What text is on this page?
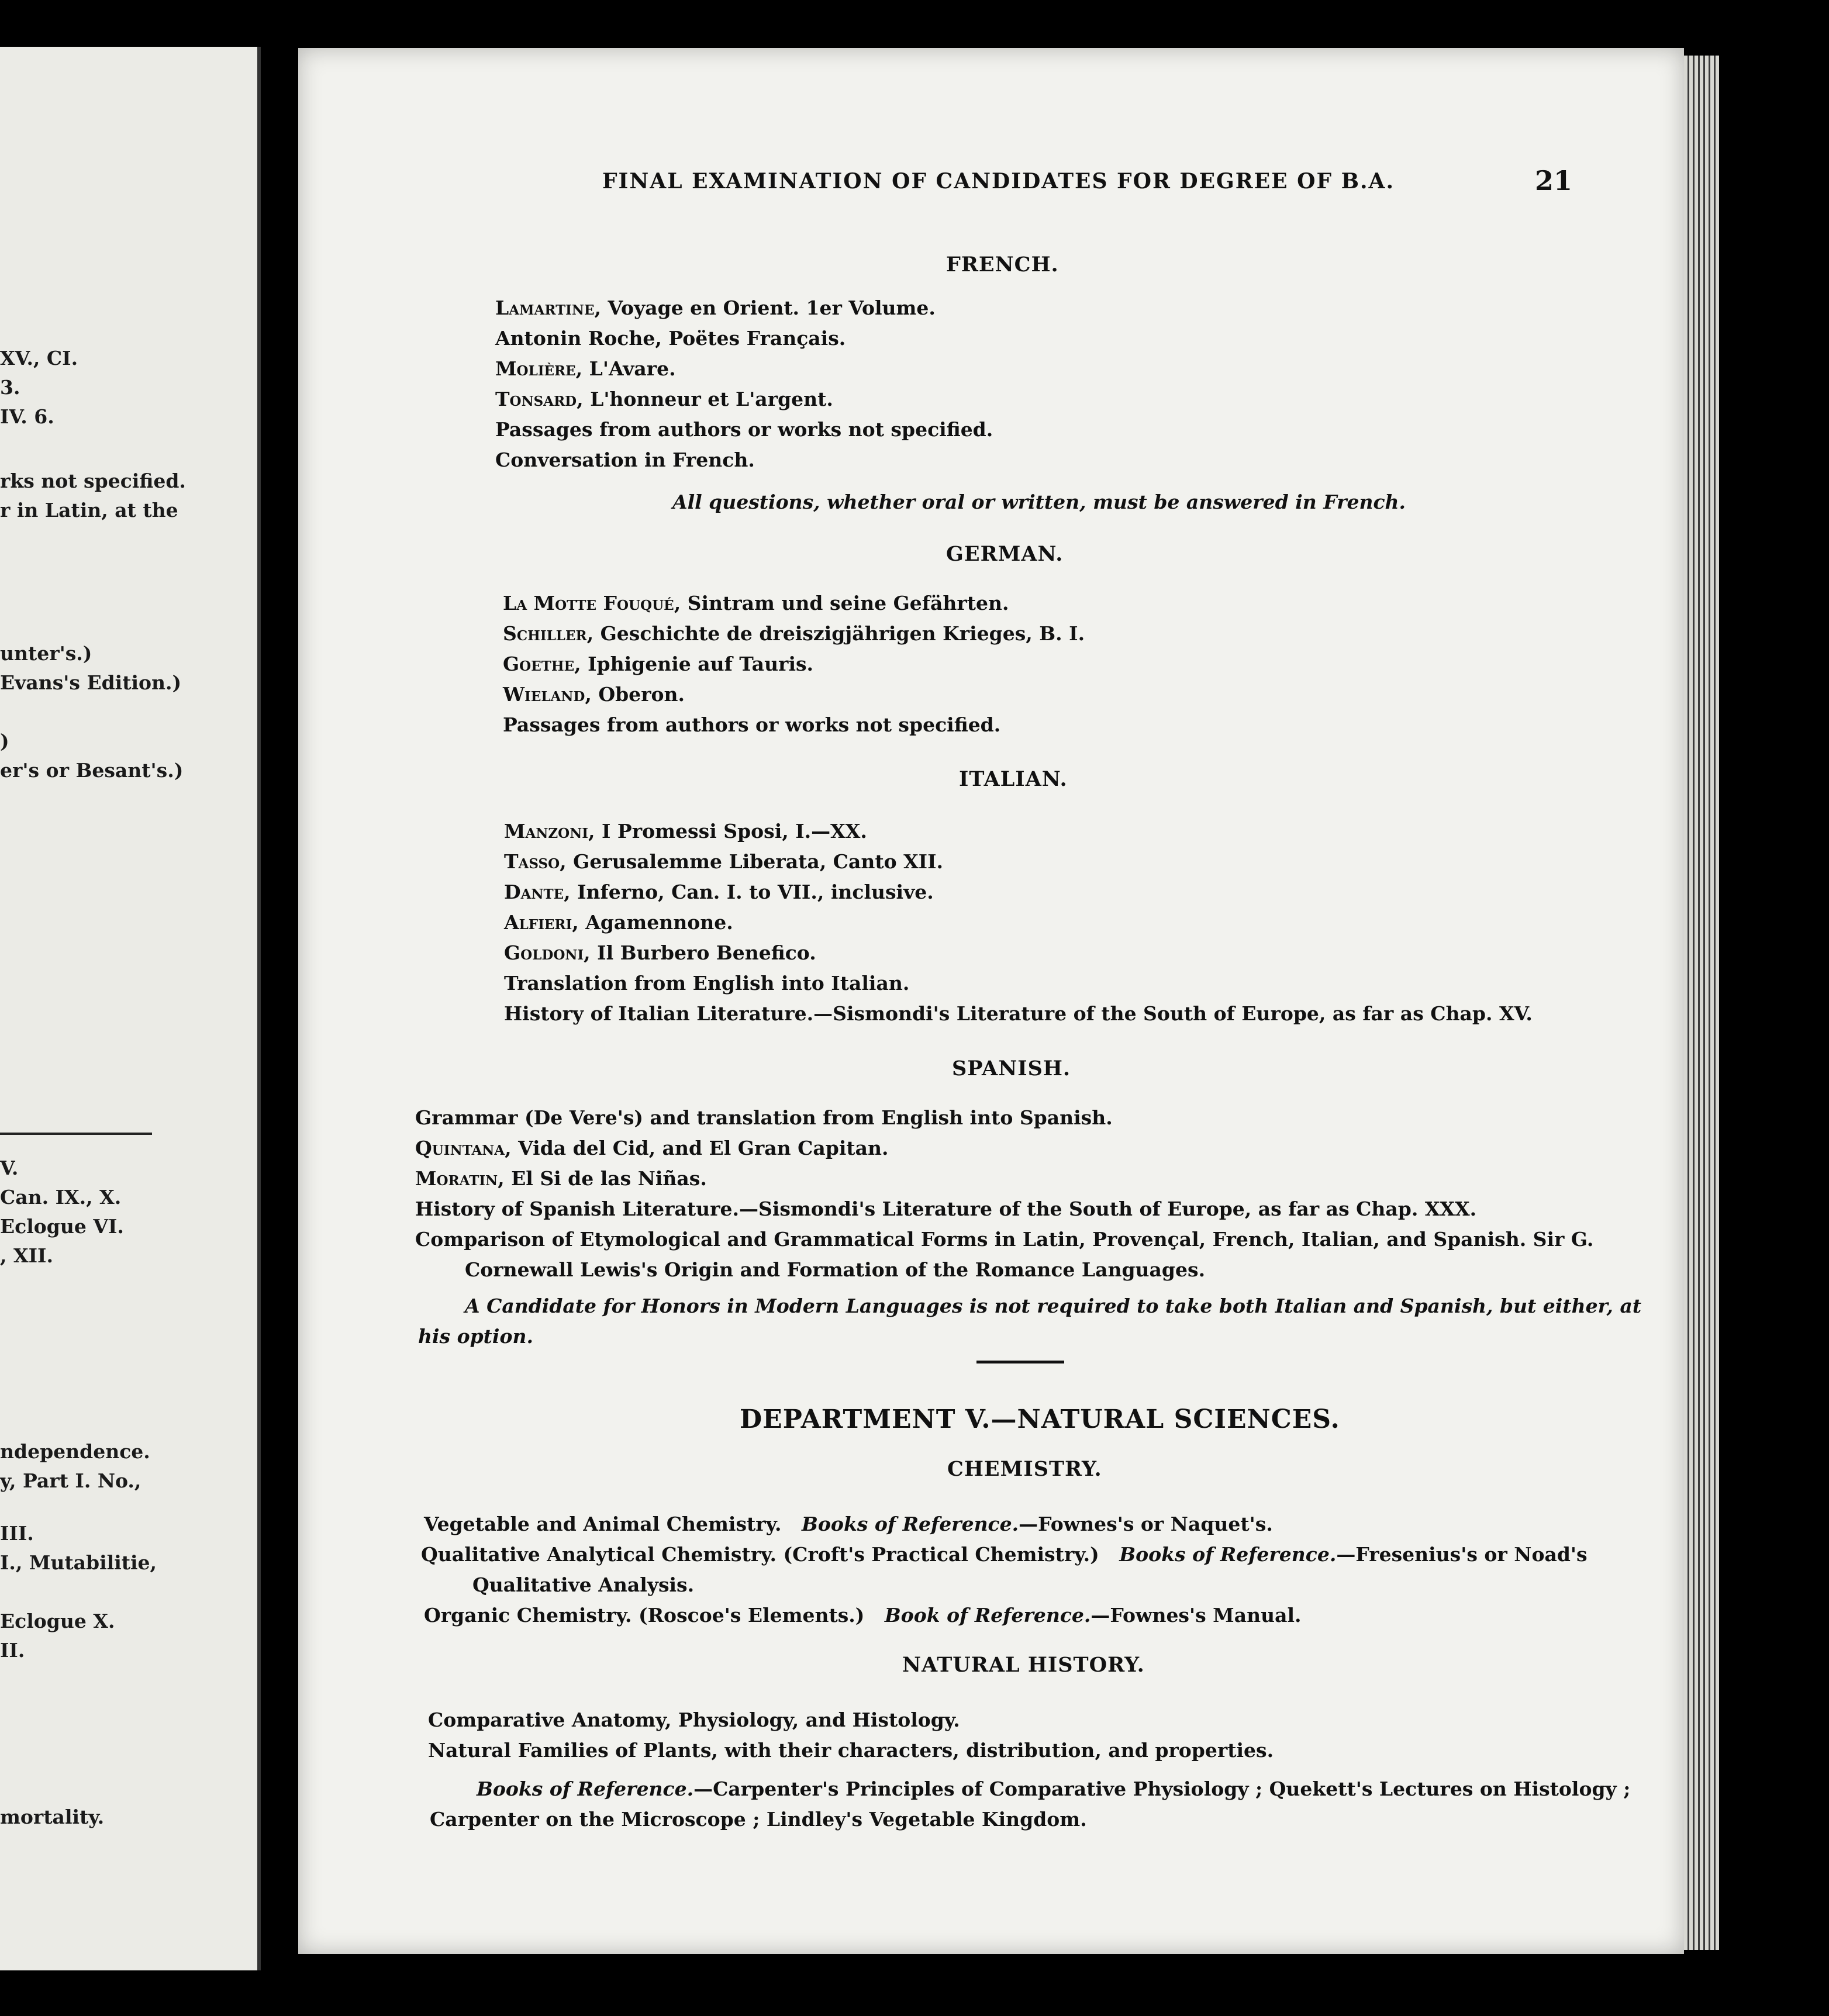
XV., CI.
3.
IV. 6.
rks not specified.
r in Latin, at the
unter's.)
Evans's Edition.)
)
er's or Besant's.)
V.
Can. IX., X.
Eclogue VI.
, XII.
ndependence.
y, Part I. No.,
III.
I., Mutabilitie,
Eclogue X.
II.
mortality.
FINAL EXAMINATION OF CANDIDATES FOR DEGREE OF B.A.	21
FRENCH.
Lamartine, Voyage en Orient. 1er Volume.
Antonin Roche, Poëtes Français.
Molière, L'Avare.
Tonsard, L'honneur et L'argent.
Passages from authors or works not specified.
Conversation in French.
All questions, whether oral or written, must be answered in French.
GERMAN.
La Motte Fouqué, Sintram und seine Gefährten.
Schiller, Geschichte de dreiszigjährigen Krieges, B. I.
Goethe, Iphigenie auf Tauris.
Wieland, Oberon.
Passages from authors or works not specified.
ITALIAN.
Manzoni, I Promessi Sposi, I.—XX.
Tasso, Gerusalemme Liberata, Canto XII.
Dante, Inferno, Can. I. to VII., inclusive.
Alfieri, Agamennone.
Goldoni, Il Burbero Benefico.
Translation from English into Italian.
History of Italian Literature.—Sismondi's Literature of the South of Europe, as far as Chap. XV.
SPANISH.
Grammar (De Vere's) and translation from English into Spanish.
Quintana, Vida del Cid, and El Gran Capitan.
Moratin, El Si de las Niñas.
History of Spanish Literature.—Sismondi's Literature of the South of Europe, as far as Chap. XXX.
Comparison of Etymological and Grammatical Forms in Latin, Provençal, French, Italian, and Spanish. Sir G.
Cornewall Lewis's Origin and Formation of the Romance Languages.
A Candidate for Honors in Modern Languages is not required to take both Italian and Spanish, but either, at
his option.
DEPARTMENT V.—NATURAL SCIENCES.
CHEMISTRY.
Vegetable and Animal Chemistry. Books of Reference.—Fownes's or Naquet's.
Qualitative Analytical Chemistry. (Croft's Practical Chemistry.) Books of Reference.—Fresenius's or Noad's
Qualitative Analysis.
Organic Chemistry. (Roscoe's Elements.) Book of Reference.—Fownes's Manual.
NATURAL HISTORY.
Comparative Anatomy, Physiology, and Histology.
Natural Families of Plants, with their characters, distribution, and properties.
Books of Reference.—Carpenter's Principles of Comparative Physiology ; Quekett's Lectures on Histology ;
Carpenter on the Microscope ; Lindley's Vegetable Kingdom.
